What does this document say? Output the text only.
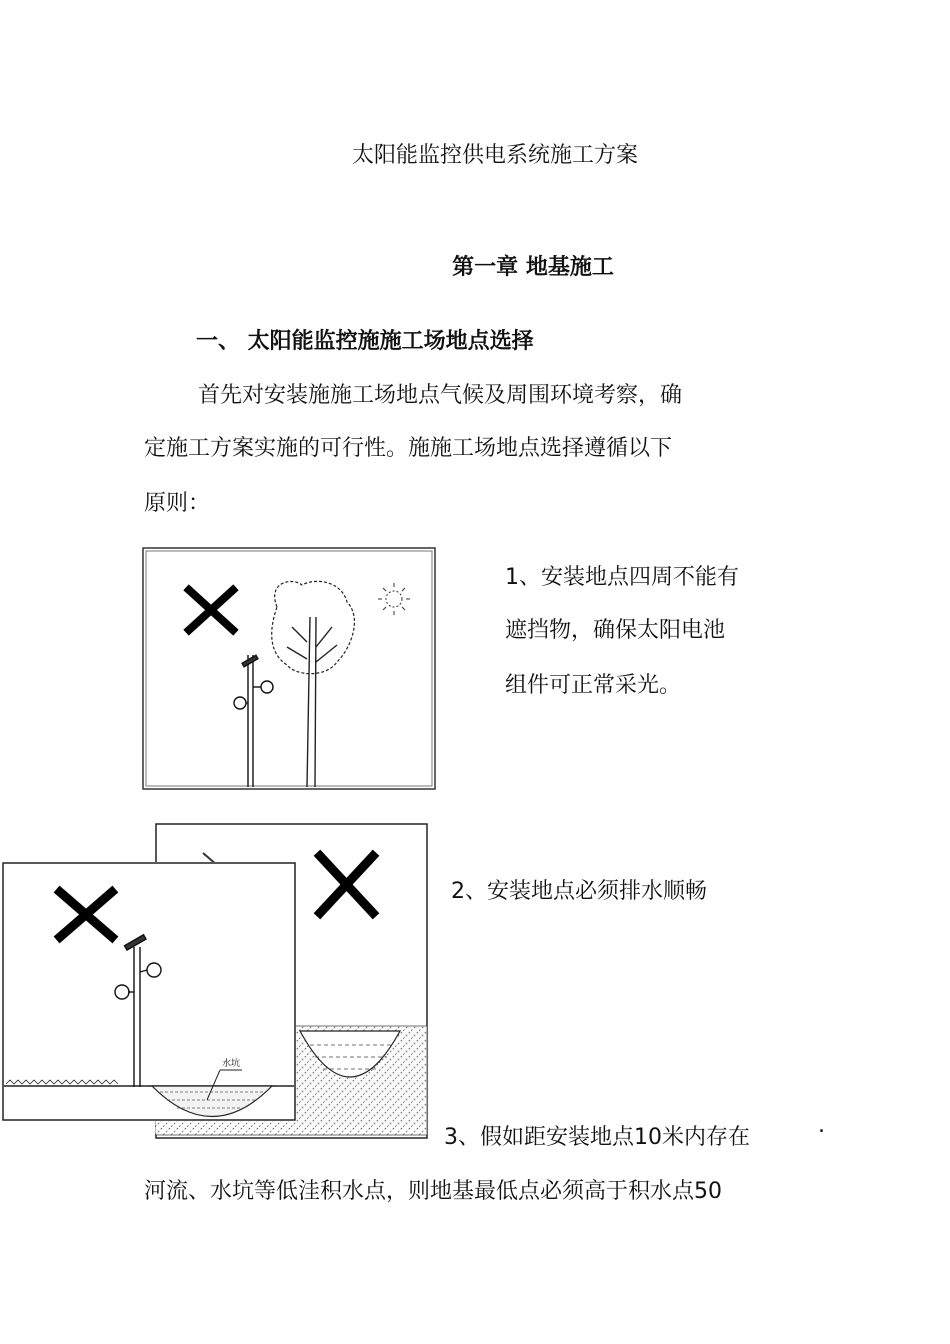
太阳能监控供电系统施工方案
第一章 地基施工
一、 太阳能监控施施工场地点选择
首先对安装施施工场地点气候及周围环境考察，确
定施工方案实施的可行性。施施工场地点选择遵循以下
原则：
1、安装地点四周不能有
遮挡物，确保太阳电池
组件可正常采光。
水坑
2、安装地点必须排水顺畅
3、假如距安装地点10米内存在
河流、水坑等低洼积水点，则地基最低点必须高于积水点50
.
